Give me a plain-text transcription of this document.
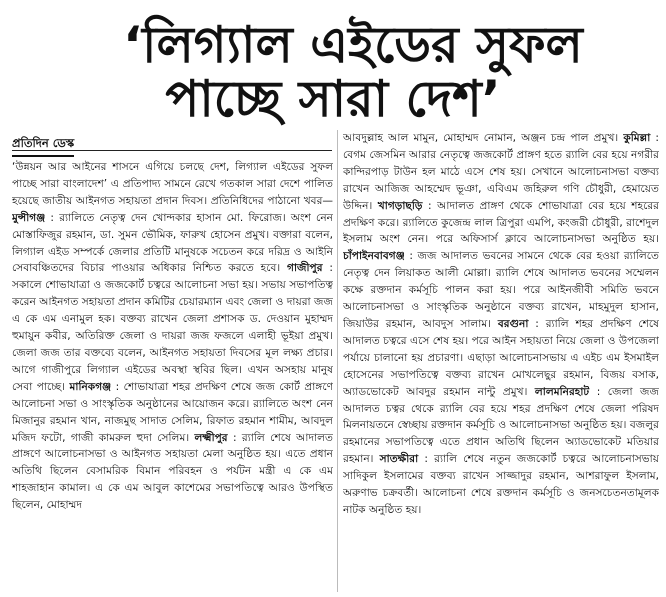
‘লিগ্যাল এইডের সুফল
পাচ্ছে সারা দেশ’
প্রতিদিন ডেস্ক
‘উন্নয়ন আর আইনের শাসনে এগিয়ে চলছে দেশ, লিগ্যাল এইডের সুফল পাচ্ছে সারা বাংলাদেশ’ এ প্রতিপাদ্য সামনে রেখে গতকাল সারা দেশে পালিত হয়েছে জাতীয় আইনগত সহায়তা প্রদান দিবস। প্রতিনিধিদের পাঠানো খবর— মুন্সীগঞ্জ : র‌্যালিতে নেতৃত্ব দেন খোন্দকার হাসান মো. ফিরোজ। অংশ নেন মোস্তাফিজুর রহমান, ডা. সুমন ভৌমিক, ফারুখ হোসেন প্রমুখ। বক্তারা বলেন, লিগ্যাল এইড সম্পর্কে জেলার প্রতিটি মানুষকে সচেতন করে দরিদ্র ও আইনি সেবাবঞ্চিতদের বিচার পাওয়ার অধিকার নিশ্চিত করতে হবে। গাজীপুর : সকালে শোভাযাত্রা ও জজকোর্ট চত্বরে আলোচনা সভা হয়। সভায় সভাপতিত্ব করেন আইনগত সহায়তা প্রদান কমিটির চেয়ারম্যান এবং জেলা ও দায়রা জজ এ কে এম এনামুল হক। বক্তব্য রাখেন জেলা প্রশাসক ড. দেওয়ান মুহাম্মদ হুমায়ুন কবীর, অতিরিক্ত জেলা ও দায়রা জজ ফজলে এলাহী ভূইয়া প্রমুখ। জেলা জজ তার বক্তব্যে বলেন, আইনগত সহায়তা দিবসের মূল লক্ষ্য প্রচার। আগে গাজীপুরে লিগ্যাল এইডের অবস্থা স্থবির ছিল। এখন অসহায় মানুষ সেবা পাচ্ছে। মানিকগঞ্জ : শোভাযাত্রা শহর প্রদক্ষিণ শেষে জজ কোর্ট প্রাঙ্গণে আলোচনা সভা ও সাংস্কৃতিক অনুষ্ঠানের আয়োজন করে। র‌্যালিতে অংশ নেন মিজানুর রহমান খান, নাজমুছ সাদাত সেলিম, রিফাত রহমান শামীম, আবদুল মজিদ ফটো, গাজী কামরুল হুদা সেলিম। লক্ষ্মীপুর : র‌্যালি শেষে আদালত প্রাঙ্গণে আলোচনাসভা ও আইনগত সহায়তা মেলা অনুষ্ঠিত হয়। এতে প্রধান অতিথি ছিলেন বেসামরিক বিমান পরিবহন ও পর্যটন মন্ত্রী এ কে এম শাহজাহান কামাল। এ কে এম আবুল কাশেমের সভাপতিত্বে আরও উপস্থিত ছিলেন, মোহাম্মদ
আবদুল্লাহ আল মামুন, মোহাম্মদ নোমান, অঞ্জন চন্দ্র পাল প্রমুখ। কুমিল্লা : বেগম জেসমিন আরার নেতৃত্বে জজকোর্ট প্রাঙ্গণ হতে র‌্যালি বের হয়ে নগরীর কান্দিরপাড় টাউন হল মাঠে এসে শেষ হয়। সেখানে আলোচনাসভা বক্তব্য রাখেন আজিজ আহম্মেদ ভূঞা, এবিএম জহিরুল গণি চৌধুরী, হেমায়েত উদ্দিন। খাগড়াছড়ি : আদালত প্রাঙ্গণ থেকে শোভাযাত্রা বের হয়ে শহরের প্রদক্ষিণ করে। র‌্যালিতে কুজেন্দ্র লাল ত্রিপুরা এমপি, কংজরী চৌধুরী, রাশেদুল ইসলাম অংশ নেন। পরে অফিসার্স ক্লাবে আলোচনাসভা অনুষ্ঠিত হয়। চাঁপাইনবাবগঞ্জ : জজ আদালত ভবনের সামনে থেকে বের হওয়া র‌্যালিতে নেতৃত্ব দেন লিয়াকত আলী মোল্লা। র‌্যালি শেষে আদালত ভবনের সম্মেলন কক্ষে রক্তদান কর্মসূচি পালন করা হয়। পরে আইনজীবী সমিতি ভবনে আলোচনাসভা ও সাংস্কৃতিক অনুষ্ঠানে বক্তব্য রাখেন, মাহমুদুল হাসান, জিয়াউর রহমান, আবদুস সালাম। বরগুনা : র‌্যালি শহর প্রদক্ষিণ শেষে আদালত চত্বরে এসে শেষ হয়। পরে আইন সহায়তা নিয়ে জেলা ও উপজেলা পর্যায়ে চালানো হয় প্রচারণা। এছাড়া আলোচনাসভায় এ এইচ এম ইসমাইল হোসেনের সভাপতিত্বে বক্তব্য রাখেন মোখলেছুর রহমান, বিজয় বসাক, অ্যাডভোকেট আবদুর রহমান নান্টু প্রমুখ। লালমনিরহাট : জেলা জজ আদালত চত্বর থেকে র‌্যালি বের হয়ে শহর প্রদক্ষিণ শেষে জেলা পরিষদ মিলনায়তনে স্বেচ্ছায় রক্তদান কর্মসূচি ও আলোচনাসভা অনুষ্ঠিত হয়। বজলুর রহমানের সভাপতিত্বে এতে প্রধান অতিথি ছিলেন অ্যাডভোকেট মতিয়ার রহমান। সাতক্ষীরা : র‌্যালি শেষে নতুন জজকোর্ট চত্বরে আলোচনাসভায় সাদিকুল ইসলামের বক্তব্য রাখেন সাজ্জাদুর রহমান, আশরাফুল ইসলাম, অরুণাভ চক্রবর্তী। আলোচনা শেষে রক্তদান কর্মসূচি ও জনসচেতনতামূলক নাটক অনুষ্ঠিত হয়।
